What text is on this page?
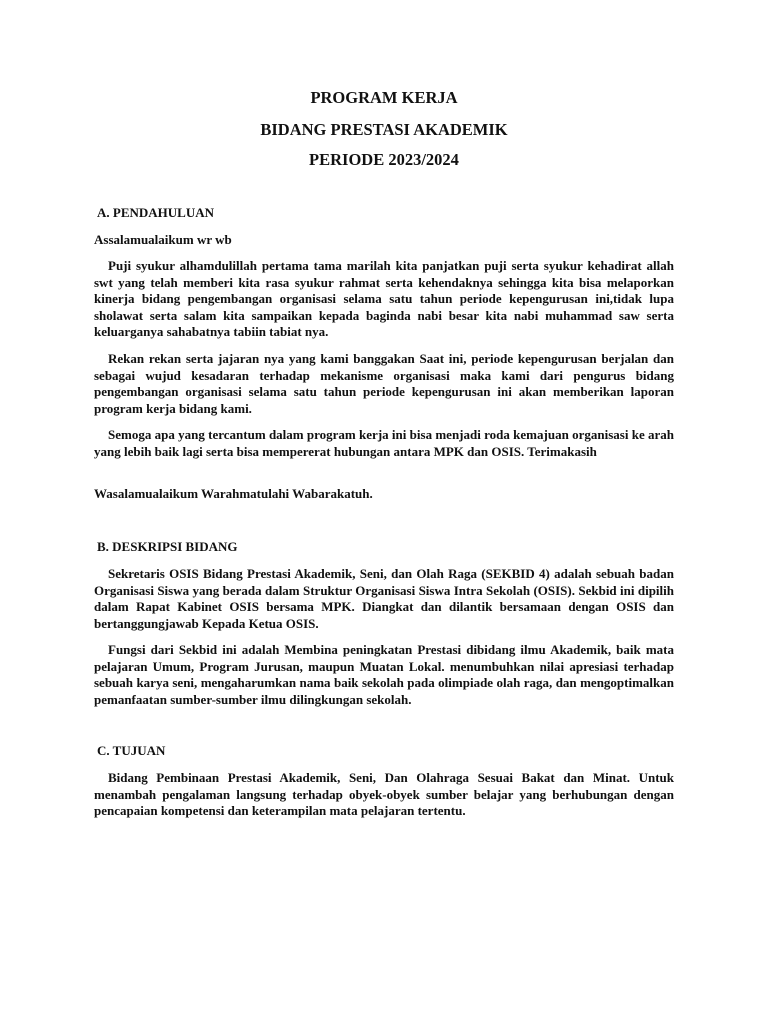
PROGRAM KERJA
BIDANG PRESTASI AKADEMIK
PERIODE 2023/2024
A. PENDAHULUAN

Assalamualaikum wr wb

Puji syukur alhamdulillah pertama tama marilah kita panjatkan puji serta syukur kehadirat allah swt yang telah memberi kita rasa syukur rahmat serta kehendaknya sehingga kita bisa melaporkan kinerja bidang pengembangan organisasi selama satu tahun periode kepengurusan ini,tidak lupa sholawat serta salam kita sampaikan kepada baginda nabi besar kita nabi muhammad saw serta keluarganya sahabatnya tabiin tabiat nya.

Rekan rekan serta jajaran nya yang kami banggakan Saat ini, periode kepengurusan berjalan dan sebagai wujud kesadaran terhadap mekanisme organisasi maka kami dari pengurus bidang pengembangan organisasi selama satu tahun periode kepengurusan ini akan memberikan laporan program kerja bidang kami.

Semoga apa yang tercantum dalam program kerja ini bisa menjadi roda kemajuan organisasi ke arah yang lebih baik lagi serta bisa mempererat hubungan antara MPK dan OSIS. Terimakasih

Wasalamualaikum Warahmatulahi Wabarakatuh.

B. DESKRIPSI BIDANG

Sekretaris OSIS Bidang Prestasi Akademik, Seni, dan Olah Raga (SEKBID 4) adalah sebuah badan Organisasi Siswa yang berada dalam Struktur Organisasi Siswa Intra Sekolah (OSIS). Sekbid ini dipilih dalam Rapat Kabinet OSIS bersama MPK. Diangkat dan dilantik bersamaan dengan OSIS dan bertanggungjawab Kepada Ketua OSIS.

Fungsi dari Sekbid ini adalah Membina peningkatan Prestasi dibidang ilmu Akademik, baik mata pelajaran Umum, Program Jurusan, maupun Muatan Lokal. menumbuhkan nilai apresiasi terhadap sebuah karya seni, mengaharumkan nama baik sekolah pada olimpiade olah raga, dan mengoptimalkan pemanfaatan sumber-sumber ilmu dilingkungan sekolah.

C. TUJUAN

Bidang Pembinaan Prestasi Akademik, Seni, Dan Olahraga Sesuai Bakat dan Minat. Untuk menambah pengalaman langsung terhadap obyek-obyek sumber belajar yang berhubungan dengan pencapaian kompetensi dan keterampilan mata pelajaran tertentu.
